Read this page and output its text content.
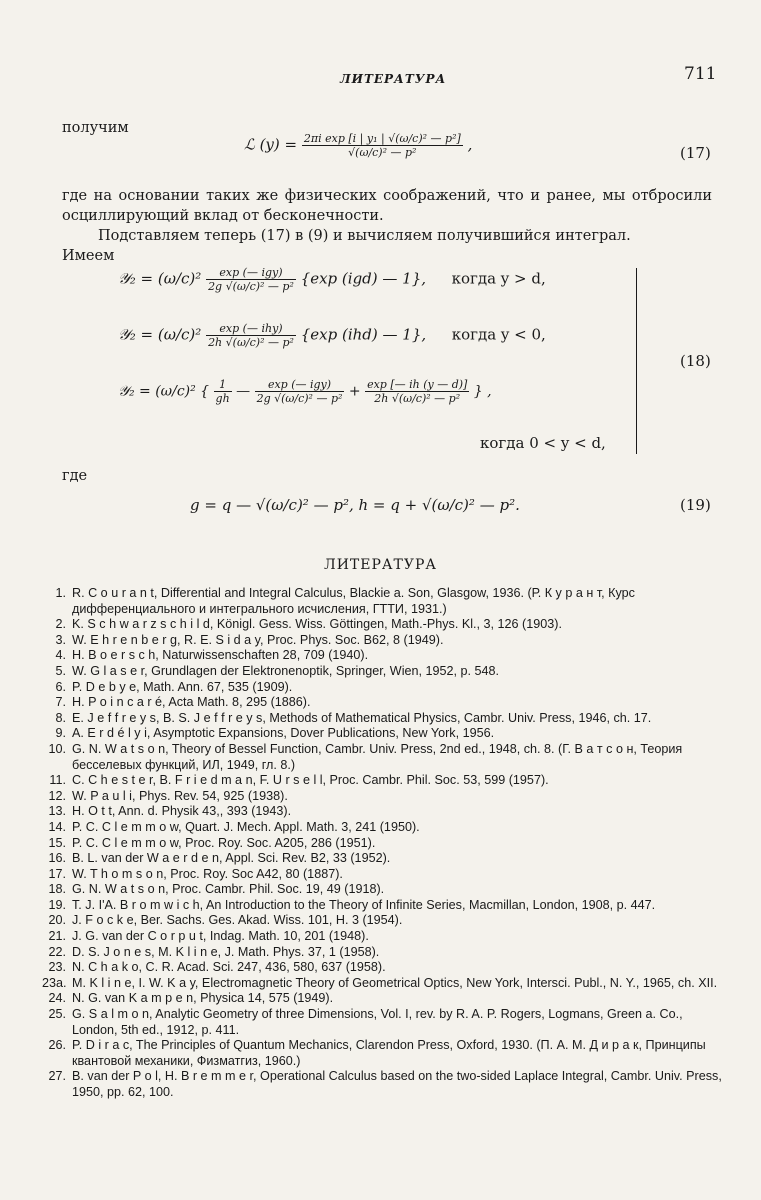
ЛИТЕРАТУРА	711
получим
ℒ $(y) = \frac{\text{2πi exp [i | y₁ | √(ω/c)² — p²]}}{\text{√(ω/c)² — p²}}$ ,	(17)
где на основании таких же физических соображений, что и ранее, мы отбросили осциллирующий вклад от бесконечности.
Подставляем теперь (17) в (9) и вычисляем получившийся интеграл.
Имеем
𝒴₂ = $(\omega/c)^2 \frac{\text{exp (— igy)}}{\text{2g √(ω/c)² — p²}} \{\exp$ (igd) — 1}, когда y > d,
𝒴₂ = $(\omega/c)^2 \frac{\text{exp (— ihy)}}{\text{2h √(ω/c)² — p²}} \{\exp$ (ihd) — 1}, когда y < 0,
𝒴₂ = (ω/c)² { $\frac{1}{gh}$ — $\frac{\text{exp (— igy)}}{\text{2g √(ω/c)² — p²}} + \frac{\exp [— ih (y — d)]}{\text{2h √(ω/c)² — p²}}$ } ,
когда 0 < y < d,
(18)
где
g = q — √(ω/c)² — p², h = q + √(ω/c)² — p².	(19)
ЛИТЕРАТУРА
1. R. C o u r a n t, Differential and Integral Calculus, Blackie a. Son, Glasgow, 1936. (Р. К у р а н т, Курс дифференциального и интегрального исчисления, ГТТИ, 1931.)
2. K. S c h w a r z s c h i l d, Königl. Gess. Wiss. Göttingen, Math.-Phys. Kl., 3, 126 (1903).
3. W. E h r e n b e r g, R. E. S i d a y, Proc. Phys. Soc. B62, 8 (1949).
4. H. B o e r s c h, Naturwissenschaften 28, 709 (1940).
5. W. G l a s e r, Grundlagen der Elektronenoptik, Springer, Wien, 1952, p. 548.
6. P. D e b y e, Math. Ann. 67, 535 (1909).
7. H. P o i n c a r é, Acta Math. 8, 295 (1886).
8. E. J e f f r e y s, B. S. J e f f r e y s, Methods of Mathematical Physics, Cambr. Univ. Press, 1946, ch. 17.
9. A. E r d é l y i, Asymptotic Expansions, Dover Publications, New York, 1956.
10. G. N. W a t s o n, Theory of Bessel Function, Cambr. Univ. Press, 2nd ed., 1948, ch. 8. (Г. В а т с о н, Теория бесселевых функций, ИЛ, 1949, гл. 8.)
11. C. C h e s t e r, B. F r i e d m a n, F. U r s e l l, Proc. Cambr. Phil. Soc. 53, 599 (1957).
12. W. P a u l i, Phys. Rev. 54, 925 (1938).
13. H. O t t, Ann. d. Physik 43,, 393 (1943).
14. P. C. C l e m m o w, Quart. J. Mech. Appl. Math. 3, 241 (1950).
15. P. C. C l e m m o w, Proc. Roy. Soc. A205, 286 (1951).
16. B. L. van der W a e r d e n, Appl. Sci. Rev. B2, 33 (1952).
17. W. T h o m s o n, Proc. Roy. Soc A42, 80 (1887).
18. G. N. W a t s o n, Proc. Cambr. Phil. Soc. 19, 49 (1918).
19. T. J. I'A. B r o m w i c h, An Introduction to the Theory of Infinite Series, Macmillan, London, 1908, p. 447.
20. J. F o c k e, Ber. Sachs. Ges. Akad. Wiss. 101, H. 3 (1954).
21. J. G. van der C o r p u t, Indag. Math. 10, 201 (1948).
22. D. S. J o n e s, M. K l i n e, J. Math. Phys. 37, 1 (1958).
23. N. C h a k o, C. R. Acad. Sci. 247, 436, 580, 637 (1958).
23a. M. K l i n e, I. W. K a y, Electromagnetic Theory of Geometrical Optics, New York, Intersci. Publ., N. Y., 1965, ch. XII.
24. N. G. van K a m p e n, Physica 14, 575 (1949).
25. G. S a l m o n, Analytic Geometry of three Dimensions, Vol. I, rev. by R. A. P. Rogers, Logmans, Green a. Co., London, 5th ed., 1912, p. 411.
26. P. D i r a c, The Principles of Quantum Mechanics, Clarendon Press, Oxford, 1930. (П. А. М. Д и р а к, Принципы квантовой механики, Физматгиз, 1960.)
27. B. van der P o l, H. B r e m m e r, Operational Calculus based on the two-sided Laplace Integral, Cambr. Univ. Press, 1950, pp. 62, 100.
